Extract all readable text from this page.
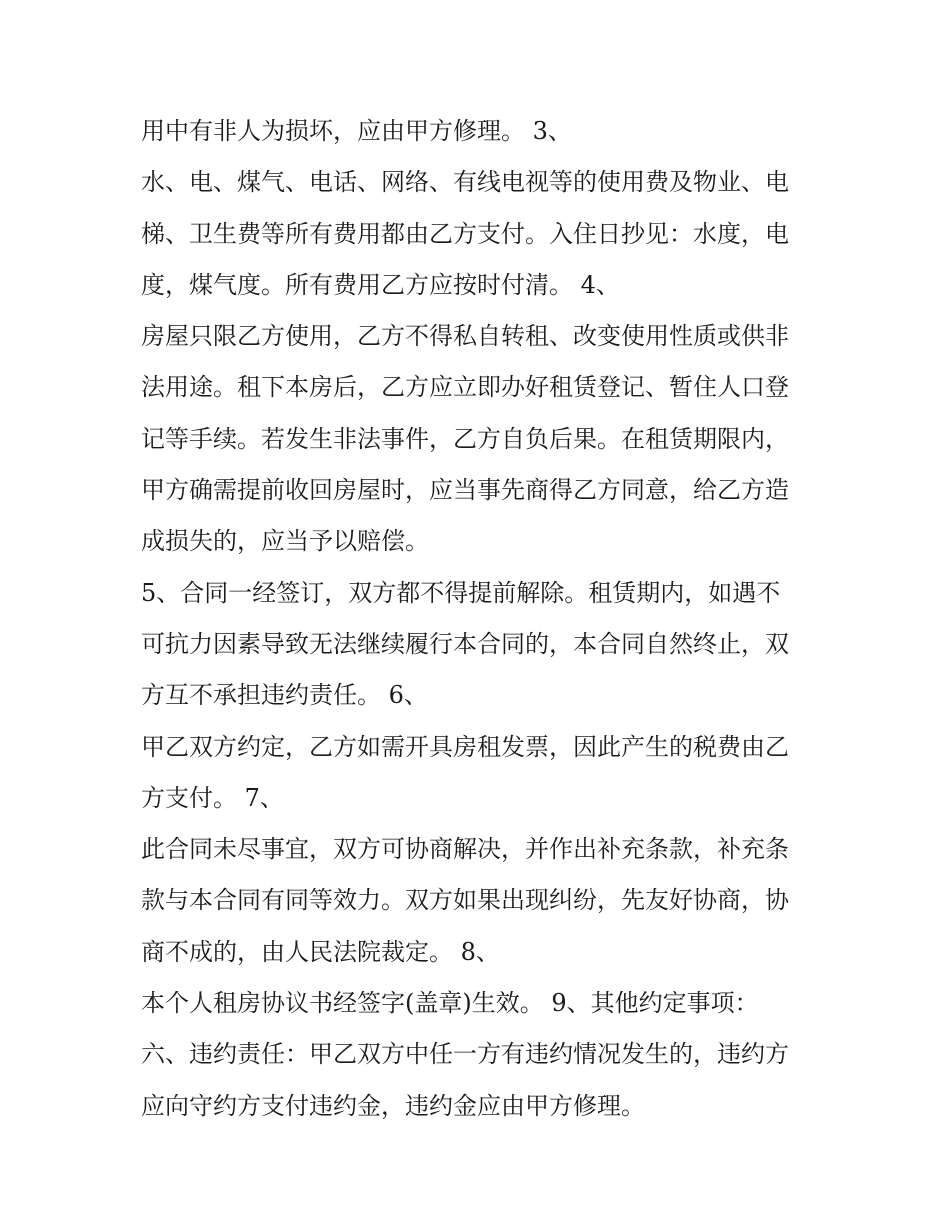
用中有非人为损坏，应由甲方修理。 3、
水、电、煤气、电话、网络、有线电视等的使用费及物业、电
梯、卫生费等所有费用都由乙方支付。入住日抄见：水度，电
度，煤气度。所有费用乙方应按时付清。 4、
房屋只限乙方使用，乙方不得私自转租、改变使用性质或供非
法用途。租下本房后，乙方应立即办好租赁登记、暂住人口登
记等手续。若发生非法事件，乙方自负后果。在租赁期限内，
甲方确需提前收回房屋时，应当事先商得乙方同意，给乙方造
成损失的，应当予以赔偿。
5、合同一经签订，双方都不得提前解除。租赁期内，如遇不
可抗力因素导致无法继续履行本合同的，本合同自然终止，双
方互不承担违约责任。 6、
甲乙双方约定，乙方如需开具房租发票，因此产生的税费由乙
方支付。 7、
此合同未尽事宜，双方可协商解决，并作出补充条款，补充条
款与本合同有同等效力。双方如果出现纠纷，先友好协商，协
商不成的，由人民法院裁定。 8、
本个人租房协议书经签字(盖章)生效。 9、其他约定事项：
六、违约责任：甲乙双方中任一方有违约情况发生的，违约方
应向守约方支付违约金，违约金应由甲方修理。
